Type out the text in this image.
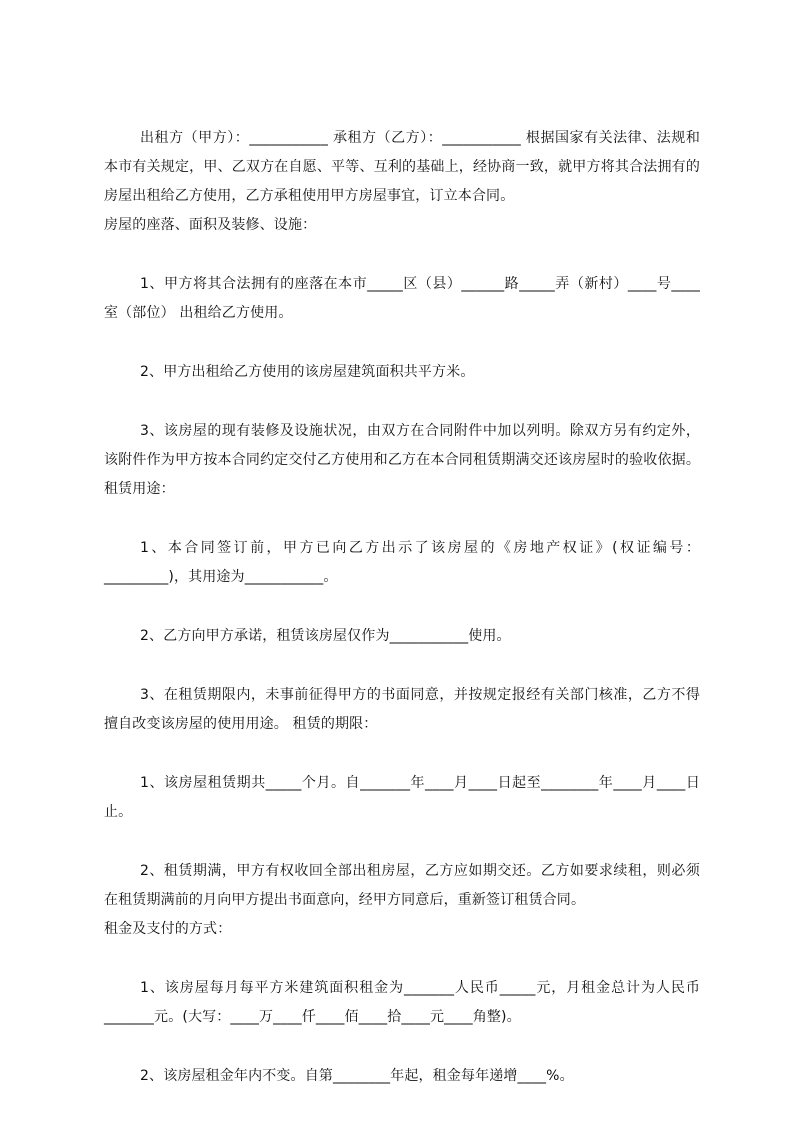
出租方（甲方）：___________ 承租方（乙方）：___________ 根据国家有关法律、法规和本市有关规定，甲、乙双方在自愿、平等、互利的基础上，经协商一致，就甲方将其合法拥有的房屋出租给乙方使用，乙方承租使用甲方房屋事宜，订立本合同。

房屋的座落、面积及装修、设施：

1、甲方将其合法拥有的座落在本市_____区（县）______路_____弄（新村）____号____室（部位） 出租给乙方使用。

2、甲方出租给乙方使用的该房屋建筑面积共平方米。

3、该房屋的现有装修及设施状况，由双方在合同附件中加以列明。除双方另有约定外，该附件作为甲方按本合同约定交付乙方使用和乙方在本合同租赁期满交还该房屋时的验收依据。 租赁用途：

1、本合同签订前，甲方已向乙方出示了该房屋的《房地产权证》(权证编号：_________)，其用途为___________。

2、乙方向甲方承诺，租赁该房屋仅作为___________使用。

3、在租赁期限内，未事前征得甲方的书面同意，并按规定报经有关部门核准，乙方不得擅自改变该房屋的使用用途。 租赁的期限：

1、该房屋租赁期共_____个月。自_______年____月____日起至________年____月____日止。

2、租赁期满，甲方有权收回全部出租房屋，乙方应如期交还。乙方如要求续租，则必须在租赁期满前的月向甲方提出书面意向，经甲方同意后，重新签订租赁合同。

租金及支付的方式：

1、该房屋每月每平方米建筑面积租金为_______人民币_____元，月租金总计为人民币_______元。(大写：____万____仟____佰____拾____元____角整)。

2、该房屋租金年内不变。自第________年起，租金每年递增____%。
